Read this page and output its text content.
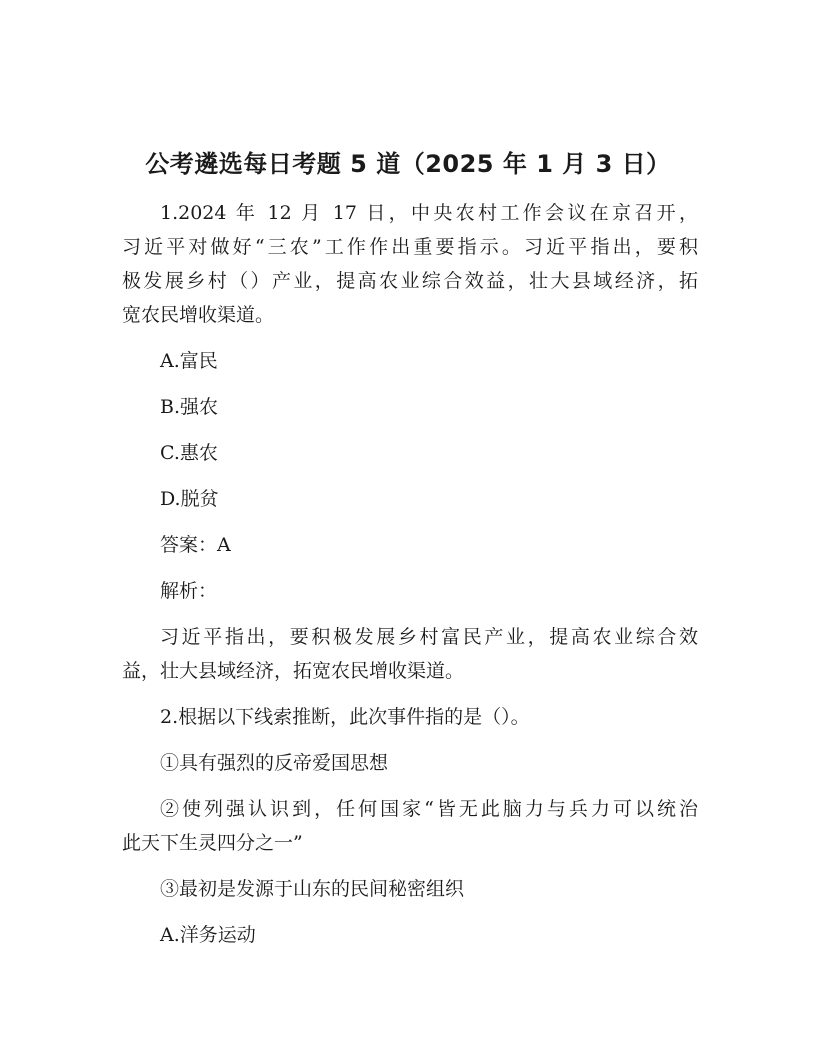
公考遴选每日考题 5 道（2025 年 1 月 3 日）
1.2024 年 12 月 17 日，中央农村工作会议在京召开，
习近平对做好“三农”工作作出重要指示。习近平指出，要积
极发展乡村（）产业，提高农业综合效益，壮大县域经济，拓
宽农民增收渠道。

A.富民

B.强农

C.惠农

D.脱贫

答案：A

解析：

习近平指出，要积极发展乡村富民产业，提高农业综合效
益，壮大县域经济，拓宽农民增收渠道。

2.根据以下线索推断，此次事件指的是（）。

①具有强烈的反帝爱国思想

②使列强认识到，任何国家“皆无此脑力与兵力可以统治
此天下生灵四分之一”

③最初是发源于山东的民间秘密组织

A.洋务运动
